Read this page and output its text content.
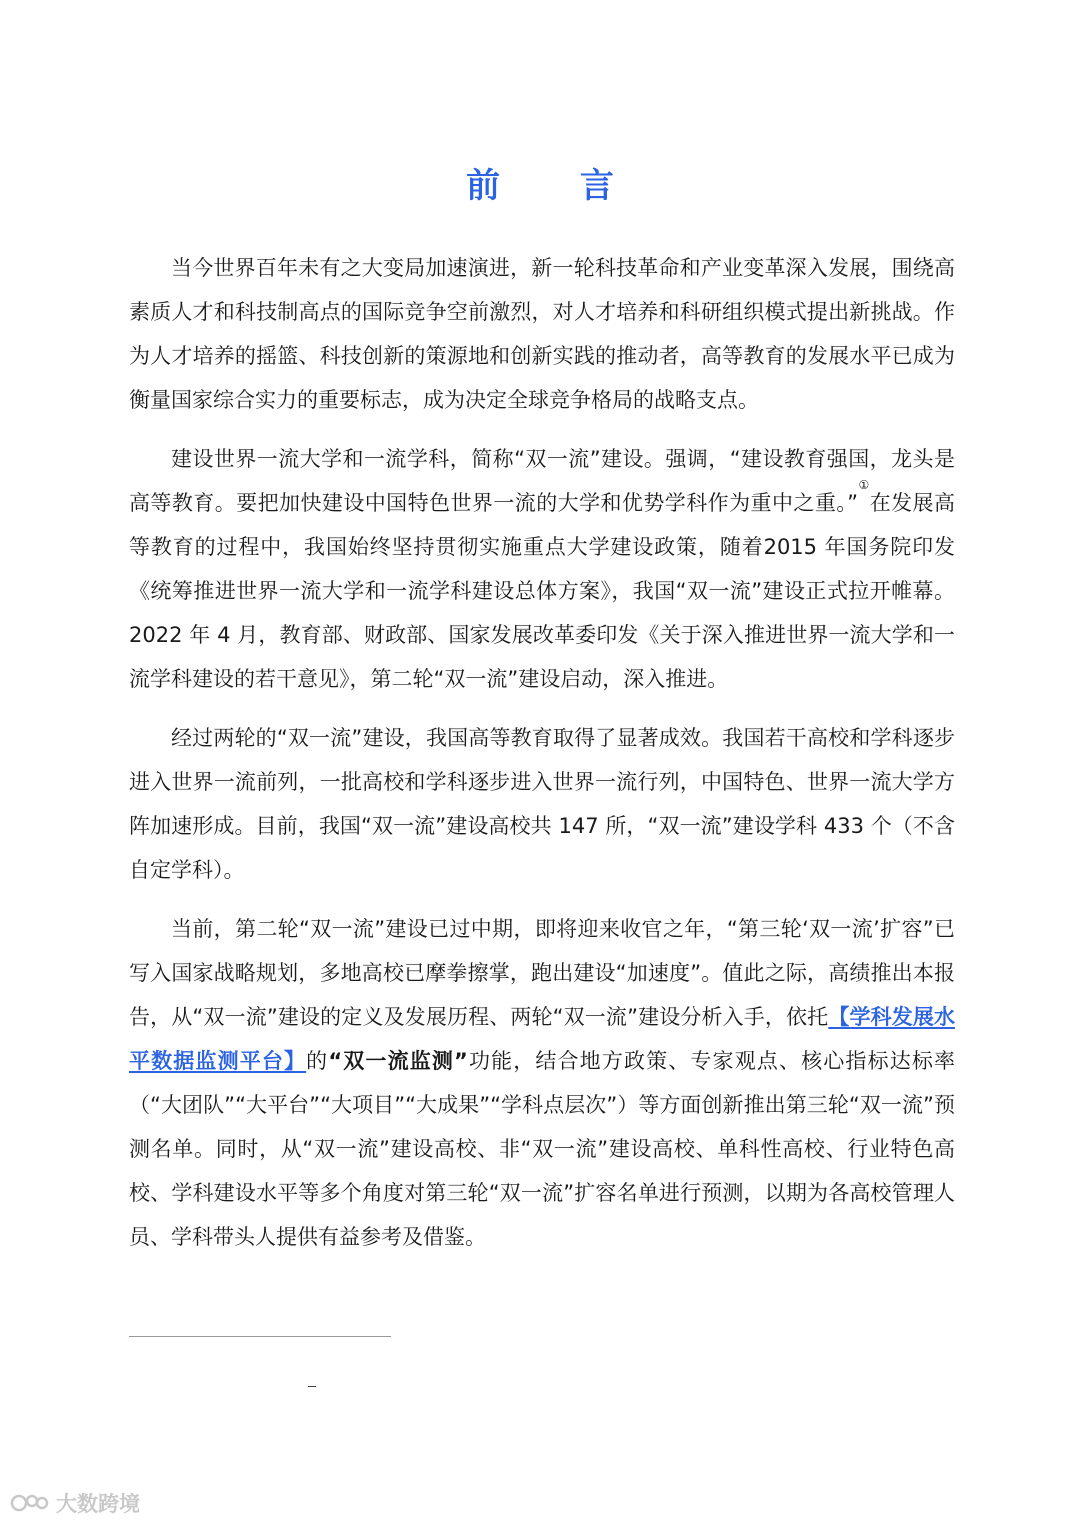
前 言

当今世界百年未有之大变局加速演进，新一轮科技革命和产业变革深入发展，围绕高素质人才和科技制高点的国际竞争空前激烈，对人才培养和科研组织模式提出新挑战。作为人才培养的摇篮、科技创新的策源地和创新实践的推动者，高等教育的发展水平已成为衡量国家综合实力的重要标志，成为决定全球竞争格局的战略支点。

建设世界一流大学和一流学科，简称“双一流”建设。强调，“建设教育强国，龙头是高等教育。要把加快建设中国特色世界一流的大学和优势学科作为重中之重。”①在发展高等教育的过程中，我国始终坚持贯彻实施重点大学建设政策，随着2015 年国务院印发《统筹推进世界一流大学和一流学科建设总体方案》，我国“双一流”建设正式拉开帷幕。2022 年 4 月，教育部、财政部、国家发展改革委印发《关于深入推进世界一流大学和一流学科建设的若干意见》，第二轮“双一流”建设启动，深入推进。

经过两轮的“双一流”建设，我国高等教育取得了显著成效。我国若干高校和学科逐步进入世界一流前列，一批高校和学科逐步进入世界一流行列，中国特色、世界一流大学方阵加速形成。目前，我国“双一流”建设高校共 147 所，“双一流”建设学科 433 个（不含自定学科）。

当前，第二轮“双一流”建设已过中期，即将迎来收官之年，“第三轮‘双一流’扩容”已写入国家战略规划，多地高校已摩拳擦掌，跑出建设“加速度”。值此之际，高绩推出本报告，从“双一流”建设的定义及发展历程、两轮“双一流”建设分析入手，依托【学科发展水平数据监测平台】的“双一流监测”功能，结合地方政策、专家观点、核心指标达标率（“大团队”“大平台”“大项目”“大成果”“学科点层次”）等方面创新推出第三轮“双一流”预测名单。同时，从“双一流”建设高校、非“双一流”建设高校、单科性高校、行业特色高校、学科建设水平等多个角度对第三轮“双一流”扩容名单进行预测，以期为各高校管理人员、学科带头人提供有益参考及借鉴。

大数跨境
